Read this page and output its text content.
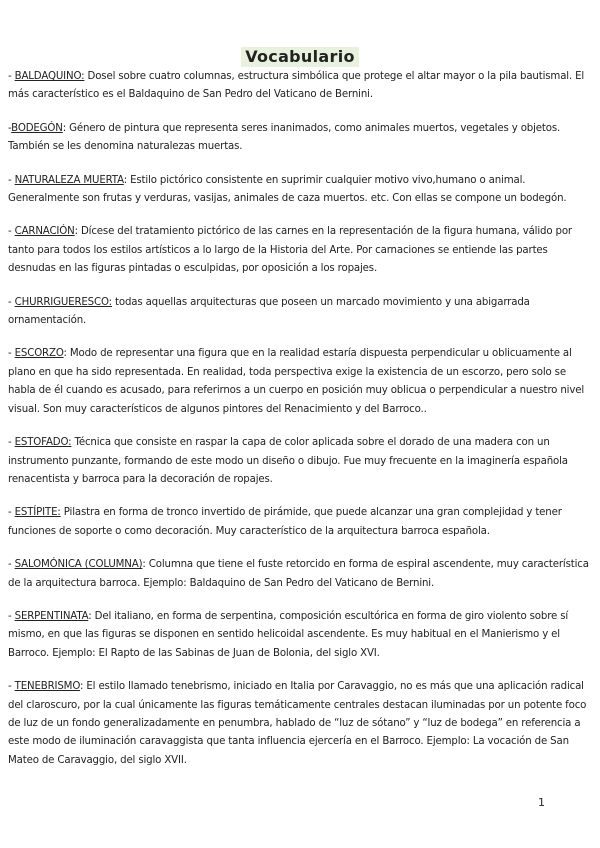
Vocabulario

- BALDAQUINO: Dosel sobre cuatro columnas, estructura simbólica que protege el altar mayor o la pila bautismal. El más característico es el Baldaquino de San Pedro del Vaticano de Bernini.

-BODEGÓN: Género de pintura que representa seres inanimados, como animales muertos, vegetales y objetos. También se les denomina naturalezas muertas.

- NATURALEZA MUERTA: Estilo pictórico consistente en suprimir cualquier motivo vivo,humano o animal. Generalmente son frutas y verduras, vasijas, animales de caza muertos. etc. Con ellas se compone un bodegón.

- CARNACIÓN: Dícese del tratamiento pictórico de las carnes en la representación de la figura humana, válido por tanto para todos los estilos artísticos a lo largo de la Historia del Arte. Por carnaciones se entiende las partes desnudas en las figuras pintadas o esculpidas, por oposición a los ropajes.

- CHURRIGUERESCO: todas aquellas arquitecturas que poseen un marcado movimiento y una abigarrada ornamentación.

- ESCORZO: Modo de representar una figura que en la realidad estaría dispuesta perpendicular u oblicuamente al plano en que ha sido representada. En realidad, toda perspectiva exige la existencia de un escorzo, pero solo se habla de él cuando es acusado, para referirnos a un cuerpo en posición muy oblicua o perpendicular a nuestro nivel visual. Son muy característicos de algunos pintores del Renacimiento y del Barroco..

- ESTOFADO: Técnica que consiste en raspar la capa de color aplicada sobre el dorado de una madera con un instrumento punzante, formando de este modo un diseño o dibujo. Fue muy frecuente en la imaginería española renacentista y barroca para la decoración de ropajes.

- ESTÍPITE: Pilastra en forma de tronco invertido de pirámide, que puede alcanzar una gran complejidad y tener funciones de soporte o como decoración. Muy característico de la arquitectura barroca española.

- SALOMÓNICA (COLUMNA): Columna que tiene el fuste retorcido en forma de espiral ascendente, muy característica de la arquitectura barroca. Ejemplo: Baldaquino de San Pedro del Vaticano de Bernini.

- SERPENTINATA: Del italiano, en forma de serpentina, composición escultórica en forma de giro violento sobre sí mismo, en que las figuras se disponen en sentido helicoidal ascendente. Es muy habitual en el Manierismo y el Barroco. Ejemplo: El Rapto de las Sabinas de Juan de Bolonia, del siglo XVI.

- TENEBRISMO: El estilo llamado tenebrismo, iniciado en Italia por Caravaggio, no es más que una aplicación radical del claroscuro, por la cual únicamente las figuras temáticamente centrales destacan iluminadas por un potente foco de luz de un fondo generalizadamente en penumbra, hablado de “luz de sótano” y “luz de bodega” en referencia a este modo de iluminación caravaggista que tanta influencia ejercería en el Barroco. Ejemplo: La vocación de San Mateo de Caravaggio, del siglo XVII.

1
